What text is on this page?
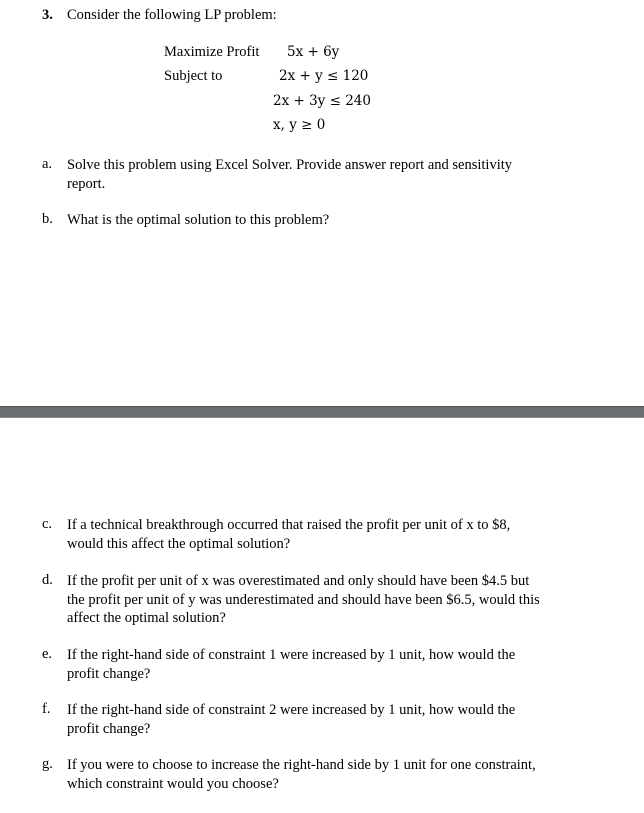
3. Consider the following LP problem:
Maximize Profit 5x + 6y
Subject to	2x + y ≤ 120
2x + 3y ≤ 240
x, y ≥ 0
a. Solve this problem using Excel Solver. Provide answer report and sensitivity
report.
b. What is the optimal solution to this problem?
c. If a technical breakthrough occurred that raised the profit per unit of x to $8,
would this affect the optimal solution?
d. If the profit per unit of x was overestimated and only should have been $4.5 but
the profit per unit of y was underestimated and should have been $6.5, would this
affect the optimal solution?
e. If the right-hand side of constraint 1 were increased by 1 unit, how would the
profit change?
f. If the right-hand side of constraint 2 were increased by 1 unit, how would the
profit change?
g. If you were to choose to increase the right-hand side by 1 unit for one constraint,
which constraint would you choose?
